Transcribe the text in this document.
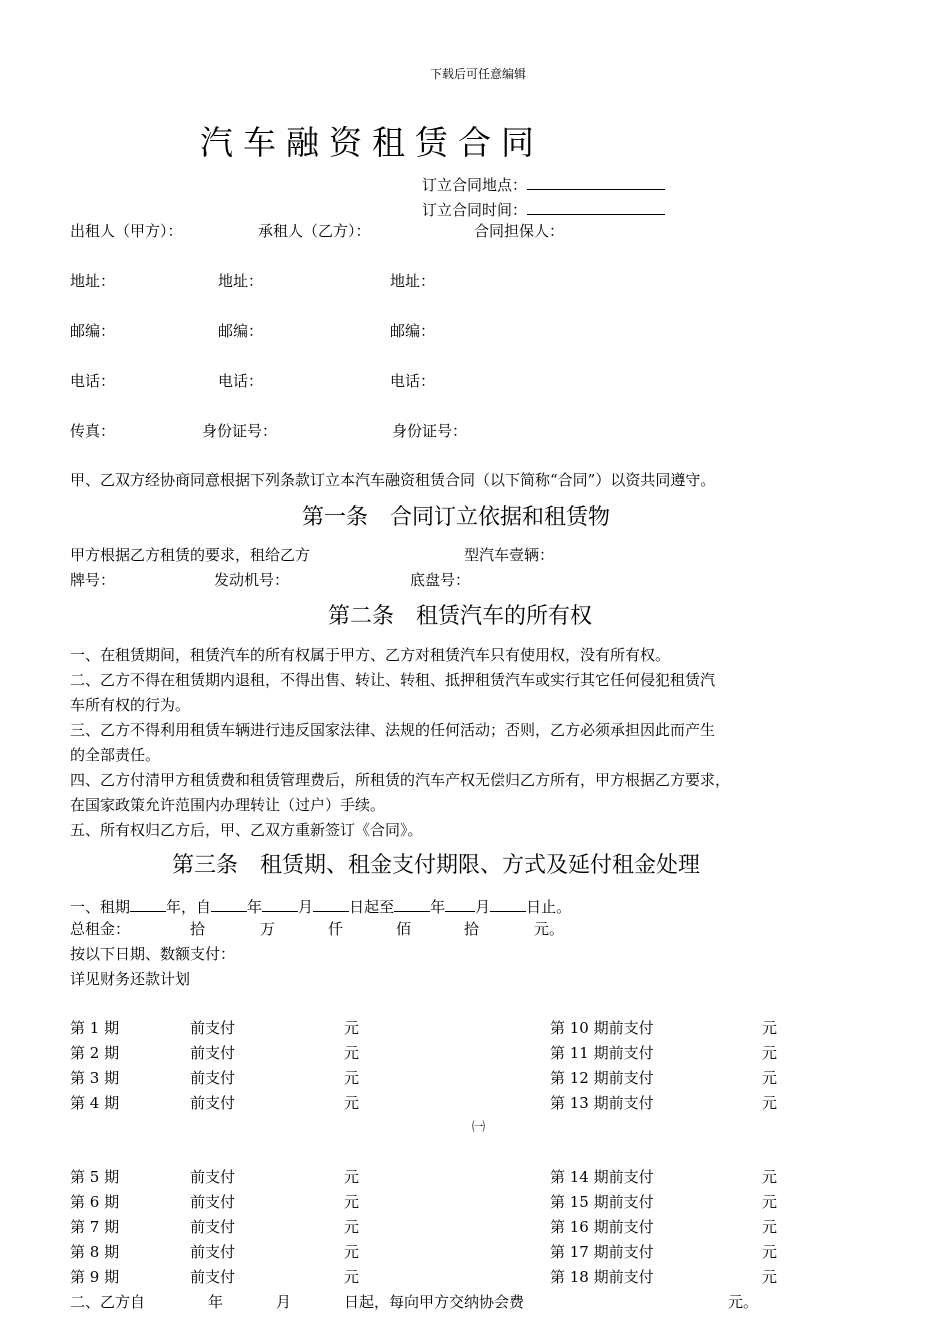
下载后可任意编辑
汽车融资租赁合同
订立合同地点：
订立合同时间：
出租人（甲方）：	承租人（乙方）：	合同担保人：
地址：	地址：	地址：
邮编：	邮编：	邮编：
电话：	电话：	电话：
传真：	身份证号：	身份证号：
甲、乙双方经协商同意根据下列条款订立本汽车融资租赁合同（以下简称“合同”）以资共同遵守。
第一条　合同订立依据和租赁物
甲方根据乙方租赁的要求，租给乙方	型汽车壹辆：
牌号：	发动机号：	底盘号：
第二条　租赁汽车的所有权
一、在租赁期间，租赁汽车的所有权属于甲方、乙方对租赁汽车只有使用权，没有所有权。
二、乙方不得在租赁期内退租，不得出售、转让、转租、抵押租赁汽车或实行其它任何侵犯租赁汽
车所有权的行为。
三、乙方不得利用租赁车辆进行违反国家法律、法规的任何活动；否则，乙方必须承担因此而产生
的全部责任。
四、乙方付清甲方租赁费和租赁管理费后，所租赁的汽车产权无偿归乙方所有，甲方根据乙方要求，
在国家政策允许范围内办理转让（过户）手续。
五、所有权归乙方后，甲、乙双方重新签订《合同》。
第三条　租赁期、租金支付期限、方式及延付租金处理
一、租期 年，自 年 月 日起至 年 月 日止。
总租金：	拾	万	仟	佰	拾	元。
按以下日期、数额支付：
详见财务还款计划
第 1 期	前支付	元	第 10 期前支付	元
第 2 期	前支付	元	第 11 期前支付	元
第 3 期	前支付	元	第 12 期前支付	元
第 4 期	前支付	元	第 13 期前支付	元
㈠
第 5 期	前支付	元	第 14 期前支付	元
第 6 期	前支付	元	第 15 期前支付	元
第 7 期	前支付	元	第 16 期前支付	元
第 8 期	前支付	元	第 17 期前支付	元
第 9 期	前支付	元	第 18 期前支付	元
二、乙方自	年	月	日起，每向甲方交纳协会费	元。
